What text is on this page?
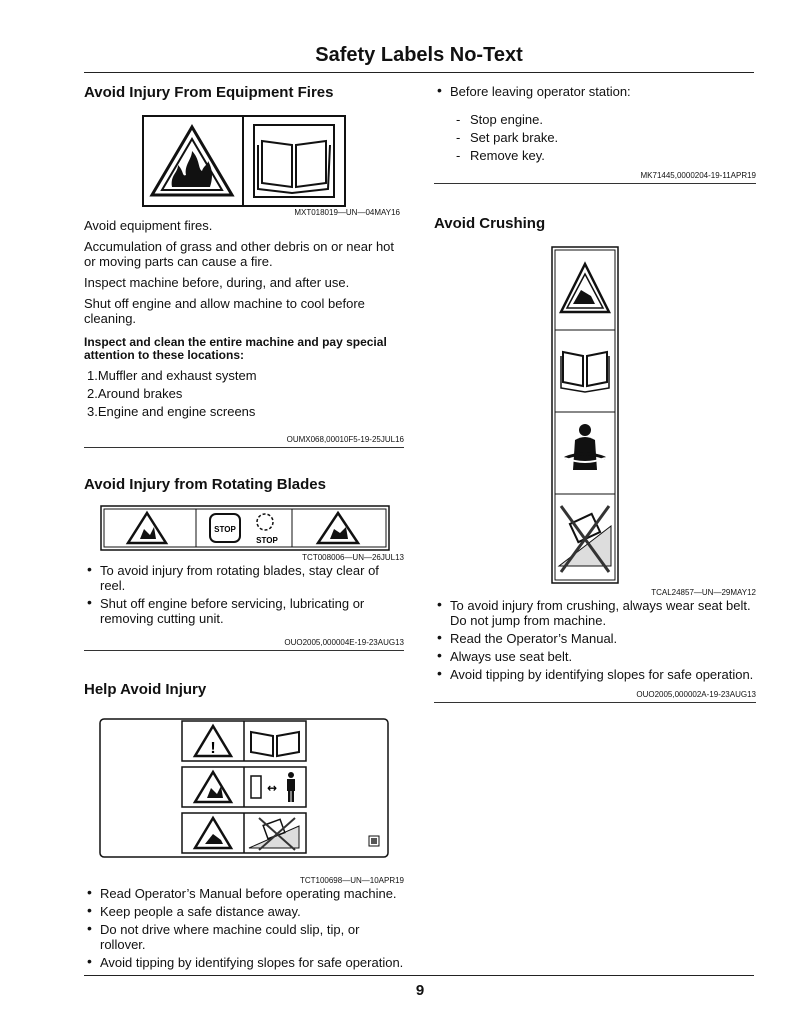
Safety Labels No-Text
Avoid Injury From Equipment Fires
MXT018019—UN—04MAY16

Avoid equipment fires.

Accumulation of grass and other debris on or near hot or moving parts can cause a fire.

Inspect machine before, during, and after use.

Shut off engine and allow machine to cool before cleaning.

Inspect and clean the entire machine and pay special attention to these locations:

1.Muffler and exhaust system
2.Around brakes
3.Engine and engine screens
OUMX068,00010F5-19-25JUL16
Avoid Injury from Rotating Blades
STOP
STOP
TCT008006—UN—26JUL13
• To avoid injury from rotating blades, stay clear of reel.
• Shut off engine before servicing, lubricating or removing cutting unit.
OUO2005,000004E-19-23AUG13
Help Avoid Injury
!
↔
TCT100698—UN—10APR19
• Read Operator’s Manual before operating machine.
• Keep people a safe distance away.
• Do not drive where machine could slip, tip, or rollover.
• Avoid tipping by identifying slopes for safe operation.
• Before leaving operator station:
- Stop engine.
- Set park brake.
- Remove key.
MK71445,0000204-19-11APR19
Avoid Crushing
TCAL24857—UN—29MAY12
• To avoid injury from crushing, always wear seat belt. Do not jump from machine.
• Read the Operator’s Manual.
• Always use seat belt.
• Avoid tipping by identifying slopes for safe operation.
OUO2005,000002A-19-23AUG13
9
